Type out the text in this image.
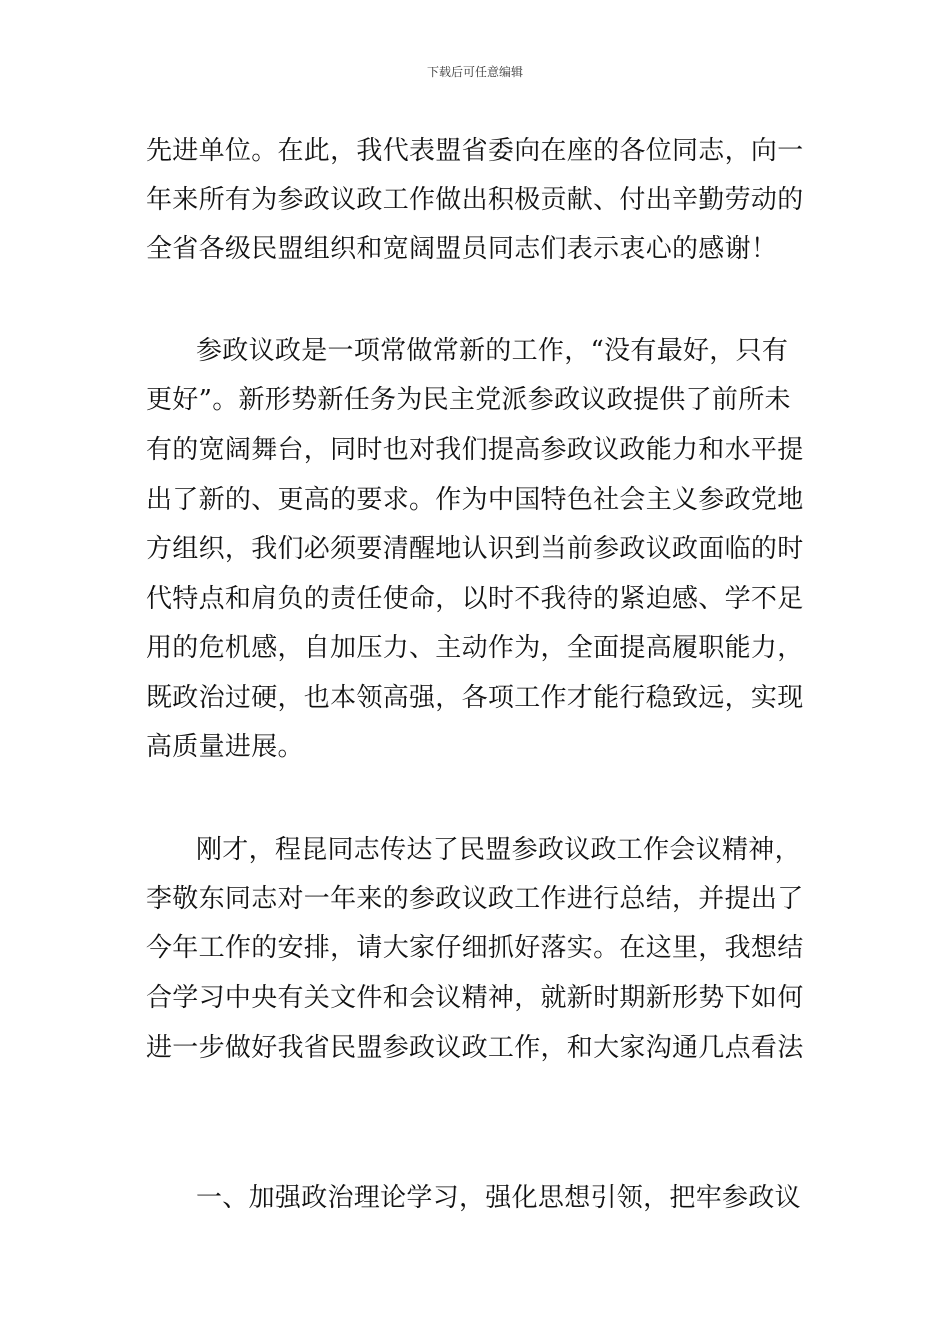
下载后可任意编辑
先进单位。在此，我代表盟省委向在座的各位同志，向一
年来所有为参政议政工作做出积极贡献、付出辛勤劳动的
全省各级民盟组织和宽阔盟员同志们表示衷心的感谢！
参政议政是一项常做常新的工作，“没有最好，只有
更好”。新形势新任务为民主党派参政议政提供了前所未
有的宽阔舞台，同时也对我们提高参政议政能力和水平提
出了新的、更高的要求。作为中国特色社会主义参政党地
方组织，我们必须要清醒地认识到当前参政议政面临的时
代特点和肩负的责任使命，以时不我待的紧迫感、学不足
用的危机感，自加压力、主动作为，全面提高履职能力，
既政治过硬，也本领高强，各项工作才能行稳致远，实现
高质量进展。
刚才，程昆同志传达了民盟参政议政工作会议精神，
李敬东同志对一年来的参政议政工作进行总结，并提出了
今年工作的安排，请大家仔细抓好落实。在这里，我想结
合学习中央有关文件和会议精神，就新时期新形势下如何
进一步做好我省民盟参政议政工作，和大家沟通几点看法
一、加强政治理论学习，强化思想引领，把牢参政议
